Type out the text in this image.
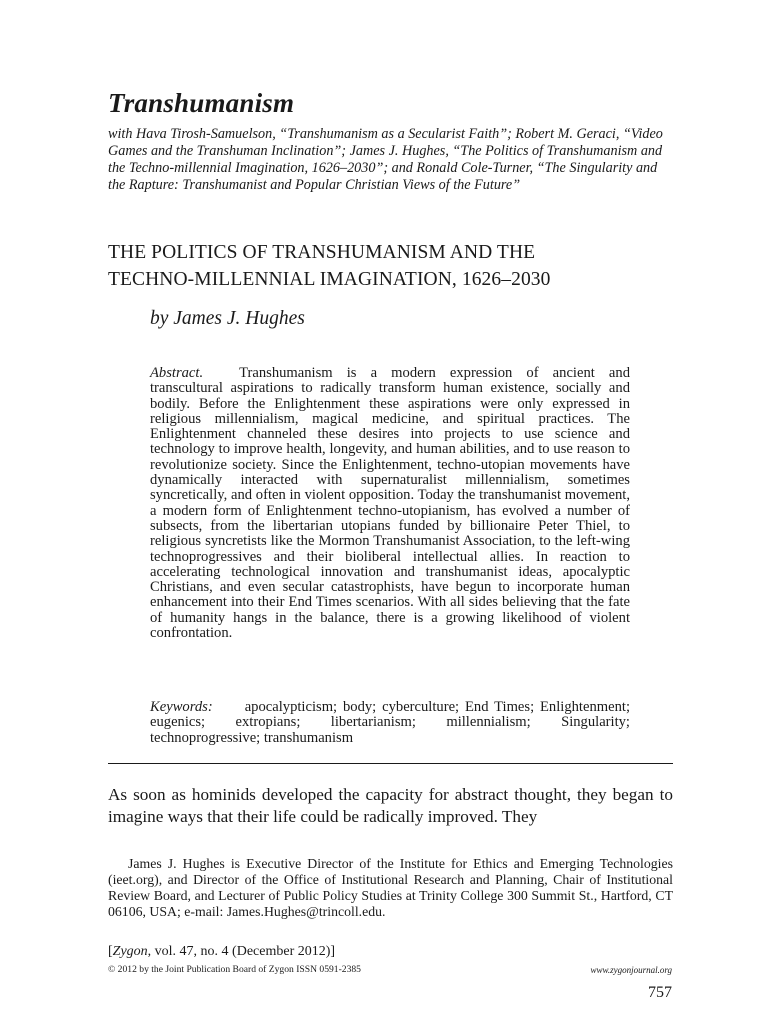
Transhumanism
with Hava Tirosh-Samuelson, “Transhumanism as a Secularist Faith”; Robert M. Geraci, “Video Games and the Transhuman Inclination”; James J. Hughes, “The Politics of Transhumanism and the Techno-millennial Imagination, 1626–2030”; and Ronald Cole-Turner, “The Singularity and the Rapture: Transhumanist and Popular Christian Views of the Future”
THE POLITICS OF TRANSHUMANISM AND THE
TECHNO-MILLENNIAL IMAGINATION, 1626–2030
by James J. Hughes
Abstract. Transhumanism is a modern expression of ancient and transcultural aspirations to radically transform human existence, socially and bodily. Before the Enlightenment these aspirations were only expressed in religious millennialism, magical medicine, and spiritual practices. The Enlightenment channeled these desires into projects to use science and technology to improve health, longevity, and human abilities, and to use reason to revolutionize society. Since the Enlightenment, techno-utopian movements have dynamically interacted with supernaturalist millennialism, sometimes syncretically, and often in violent opposition. Today the transhumanist movement, a modern form of Enlightenment techno-utopianism, has evolved a number of subsects, from the libertarian utopians funded by billionaire Peter Thiel, to religious syncretists like the Mormon Transhumanist Association, to the left-wing technoprogressives and their bioliberal intellectual allies. In reaction to accelerating technological innovation and transhumanist ideas, apocalyptic Christians, and even secular catastrophists, have begun to incorporate human enhancement into their End Times scenarios. With all sides believing that the fate of humanity hangs in the balance, there is a growing likelihood of violent confrontation.
Keywords: apocalypticism; body; cyberculture; End Times; Enlightenment; eugenics; extropians; libertarianism; millennialism; Singularity; technoprogressive; transhumanism
As soon as hominids developed the capacity for abstract thought, they began to imagine ways that their life could be radically improved. They
James J. Hughes is Executive Director of the Institute for Ethics and Emerging Technologies (ieet.org), and Director of the Office of Institutional Research and Planning, Chair of Institutional Review Board, and Lecturer of Public Policy Studies at Trinity College 300 Summit St., Hartford, CT 06106, USA; e-mail: James.Hughes@trincoll.edu.
[Zygon, vol. 47, no. 4 (December 2012)]
© 2012 by the Joint Publication Board of Zygon ISSN 0591-2385	www.zygonjournal.org
757
